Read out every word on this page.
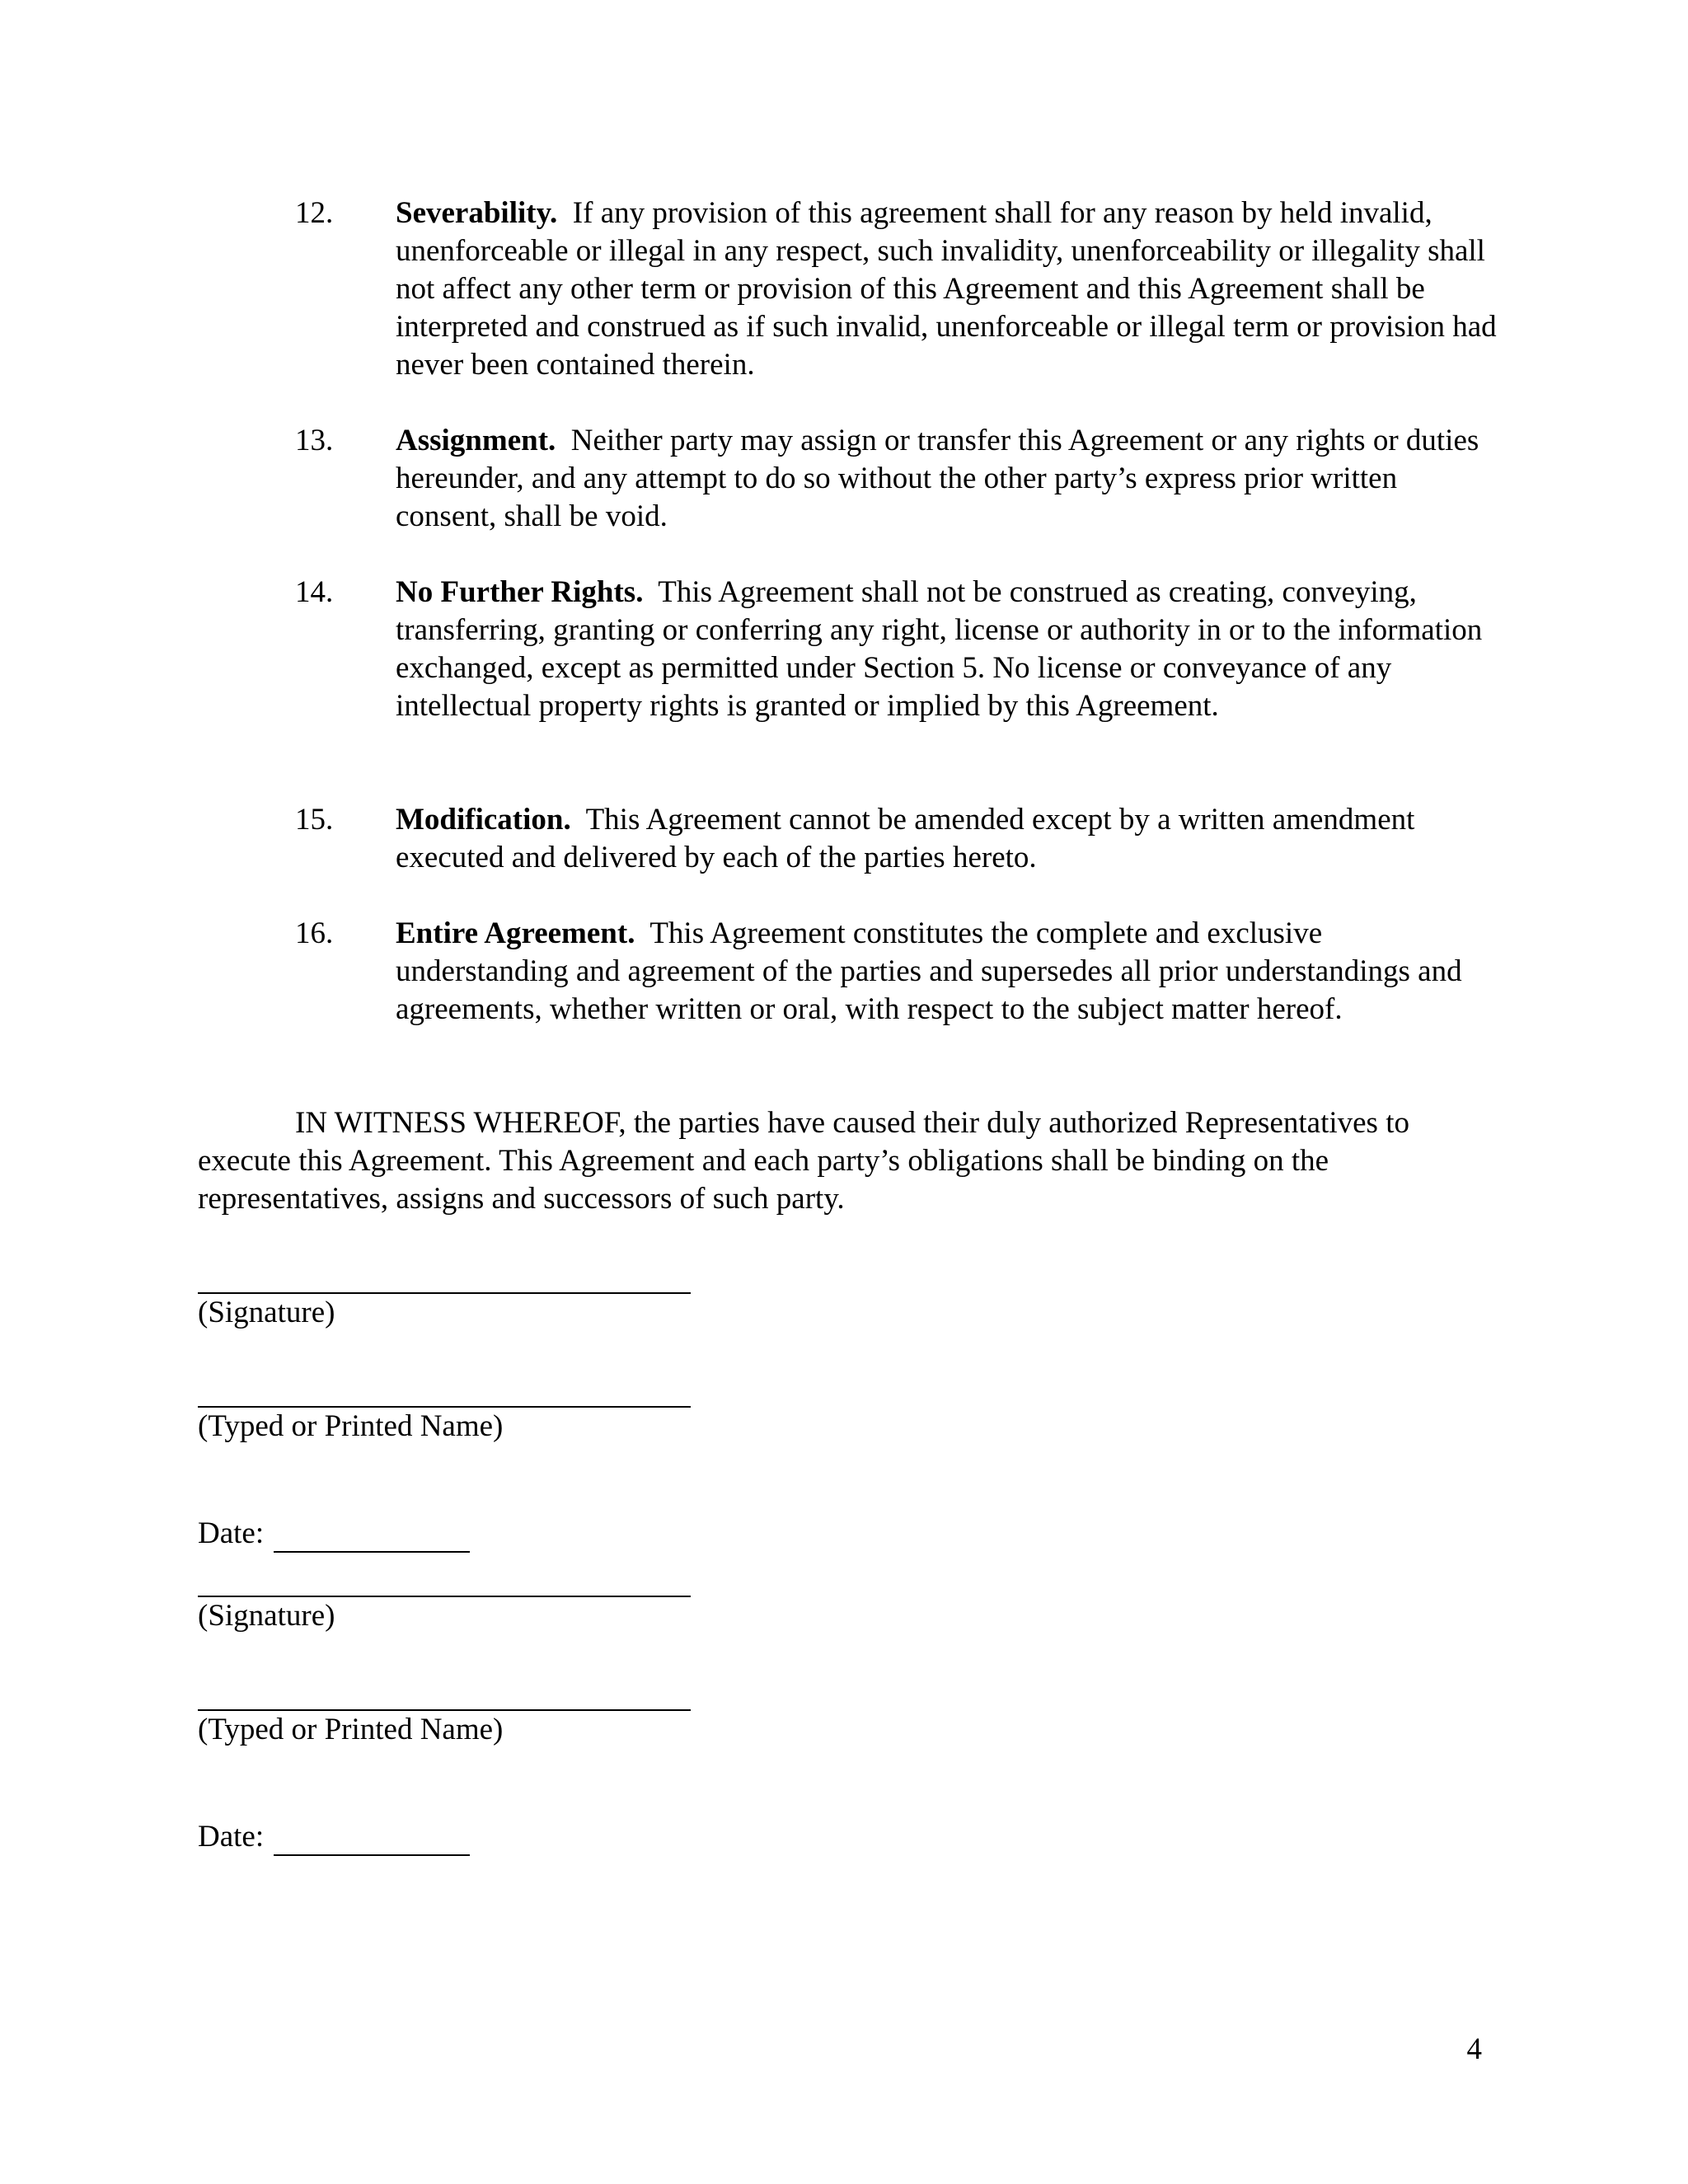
12. Severability. If any provision of this agreement shall for any reason by held invalid, unenforceable or illegal in any respect, such invalidity, unenforceability or illegality shall not affect any other term or provision of this Agreement and this Agreement shall be interpreted and construed as if such invalid, unenforceable or illegal term or provision had never been contained therein.
13. Assignment. Neither party may assign or transfer this Agreement or any rights or duties hereunder, and any attempt to do so without the other party’s express prior written consent, shall be void.
14. No Further Rights. This Agreement shall not be construed as creating, conveying, transferring, granting or conferring any right, license or authority in or to the information exchanged, except as permitted under Section 5. No license or conveyance of any intellectual property rights is granted or implied by this Agreement.
15. Modification. This Agreement cannot be amended except by a written amendment executed and delivered by each of the parties hereto.
16. Entire Agreement. This Agreement constitutes the complete and exclusive understanding and agreement of the parties and supersedes all prior understandings and agreements, whether written or oral, with respect to the subject matter hereof.
IN WITNESS WHEREOF, the parties have caused their duly authorized Representatives to execute this Agreement. This Agreement and each party’s obligations shall be binding on the representatives, assigns and successors of such party.
(Signature)
(Typed or Printed Name)
Date:
(Signature)
(Typed or Printed Name)
Date:
4
